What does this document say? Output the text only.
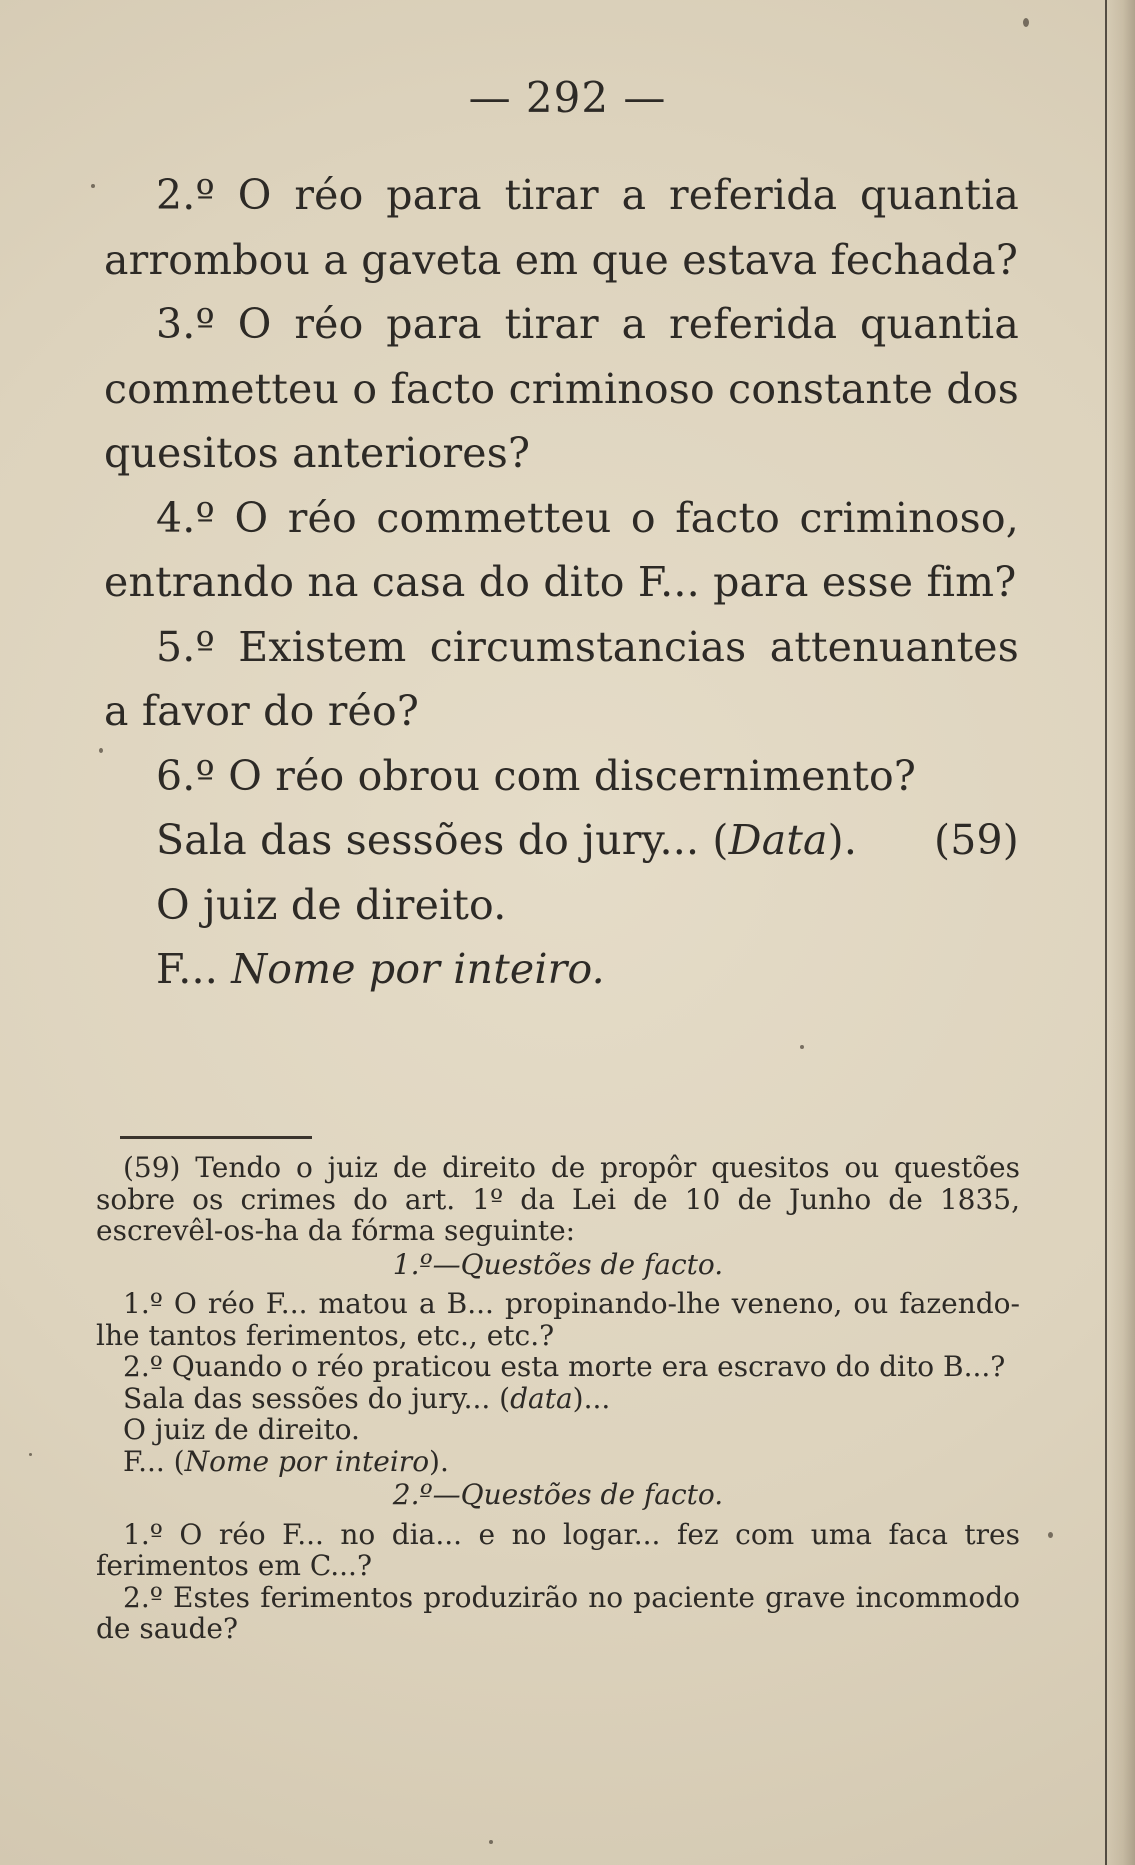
— 292 —

2.º O réo para tirar a referida quantia arrombou a gaveta em que estava fechada?

3.º O réo para tirar a referida quantia commetteu o facto criminoso constante dos quesitos anteriores?

4.º O réo commetteu o facto criminoso, entrando na casa do dito F... para esse fim?

5.º Existem circumstancias attenuantes a favor do réo?

6.º O réo obrou com discernimento?

Sala das sessões do jury... (Data). (59)

O juiz de direito.

F... Nome por inteiro.

(59) Tendo o juiz de direito de propôr quesitos ou questões sobre os crimes do art. 1º da Lei de 10 de Junho de 1835, escrevêl-os-ha da fórma seguinte:

1.º—Questões de facto.

1.º O réo F... matou a B... propinando-lhe veneno, ou fazendo-lhe tantos ferimentos, etc., etc.?

2.º Quando o réo praticou esta morte era escravo do dito B...?

Sala das sessões do jury... (data)...

O juiz de direito.

F... (Nome por inteiro).

2.º—Questões de facto.

1.º O réo F... no dia... e no logar... fez com uma faca tres ferimentos em C...?

2.º Estes ferimentos produzirão no paciente grave incommodo de saude?
